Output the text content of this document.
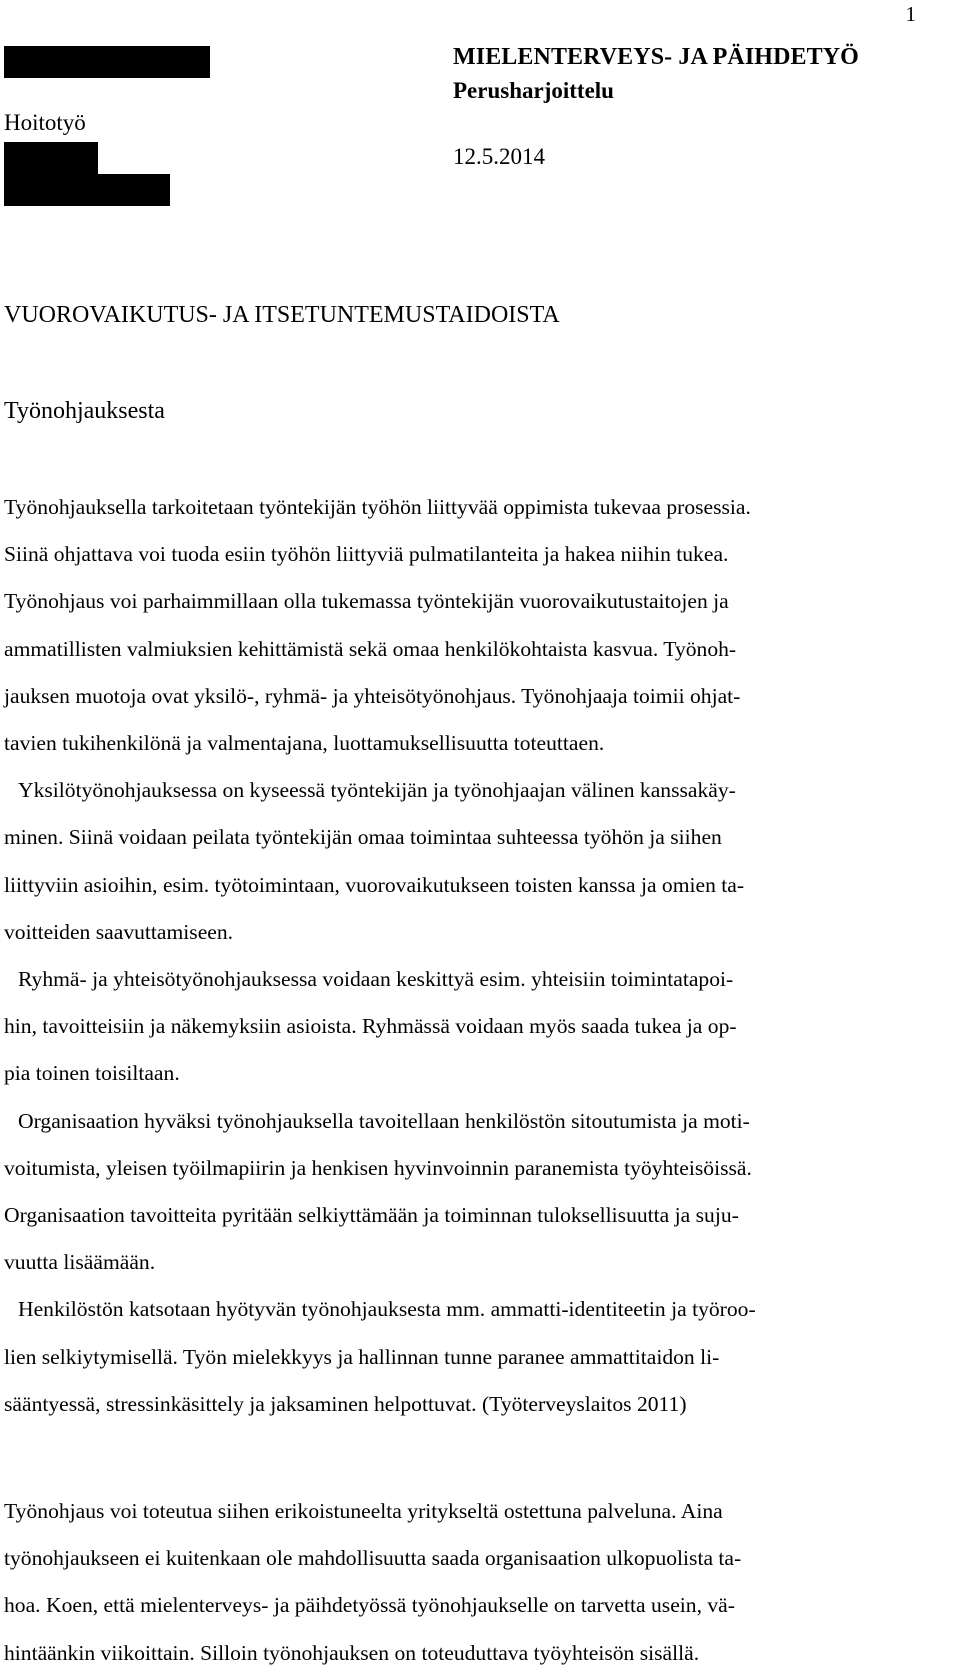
1
Hoitotyö
MIELENTERVEYS- JA PÄIHDETYÖ
Perusharjoittelu
12.5.2014
VUOROVAIKUTUS- JA ITSETUNTEMUSTAIDOISTA
Työnohjauksesta
Työnohjauksella tarkoitetaan työntekijän työhön liittyvää oppimista tukevaa prosessia.
Siinä ohjattava voi tuoda esiin työhön liittyviä pulmatilanteita ja hakea niihin tukea.
Työnohjaus voi parhaimmillaan olla tukemassa työntekijän vuorovaikutustaitojen ja
ammatillisten valmiuksien kehittämistä sekä omaa henkilökohtaista kasvua. Työnoh-
jauksen muotoja ovat yksilö-, ryhmä- ja yhteisötyönohjaus. Työnohjaaja toimii ohjat-
tavien tukihenkilönä ja valmentajana, luottamuksellisuutta toteuttaen.
Yksilötyönohjauksessa on kyseessä työntekijän ja työnohjaajan välinen kanssakäy-
minen. Siinä voidaan peilata työntekijän omaa toimintaa suhteessa työhön ja siihen
liittyviin asioihin, esim. työtoimintaan, vuorovaikutukseen toisten kanssa ja omien ta-
voitteiden saavuttamiseen.
Ryhmä- ja yhteisötyönohjauksessa voidaan keskittyä esim. yhteisiin toimintatapoi-
hin, tavoitteisiin ja näkemyksiin asioista. Ryhmässä voidaan myös saada tukea ja op-
pia toinen toisiltaan.
Organisaation hyväksi työnohjauksella tavoitellaan henkilöstön sitoutumista ja moti-
voitumista, yleisen työilmapiirin ja henkisen hyvinvoinnin paranemista työyhteisöissä.
Organisaation tavoitteita pyritään selkiyttämään ja toiminnan tuloksellisuutta ja suju-
vuutta lisäämään.
Henkilöstön katsotaan hyötyvän työnohjauksesta mm. ammatti-identiteetin ja työroo-
lien selkiytymisellä. Työn mielekkyys ja hallinnan tunne paranee ammattitaidon li-
sääntyessä, stressinkäsittely ja jaksaminen helpottuvat. (Työterveyslaitos 2011)
Työnohjaus voi toteutua siihen erikoistuneelta yritykseltä ostettuna palveluna. Aina
työnohjaukseen ei kuitenkaan ole mahdollisuutta saada organisaation ulkopuolista ta-
hoa. Koen, että mielenterveys- ja päihdetyössä työnohjaukselle on tarvetta usein, vä-
hintäänkin viikoittain. Silloin työnohjauksen on toteuduttava työyhteisön sisällä.
